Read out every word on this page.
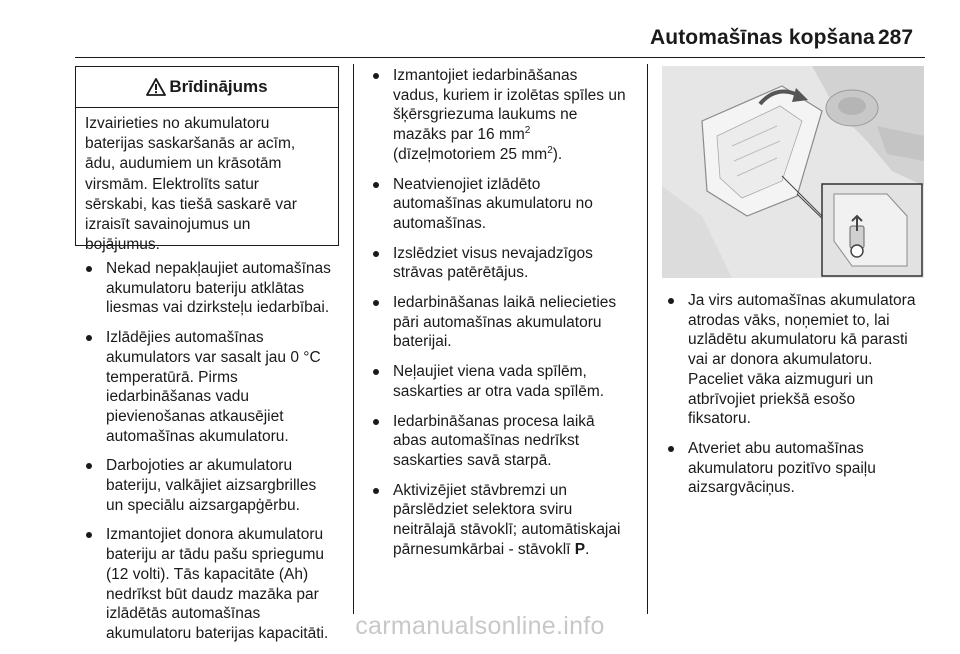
Automašīnas kopšana 287
Brīdinājums
Izvairieties no akumulatoru
baterijas saskaršanās ar acīm,
ādu, audumiem un krāsotām
virsmām. Elektrolīts satur
sērskabi, kas tiešā saskarē var
izraisīt savainojumus un
bojājumus.
Nekad nepakļaujiet automašīnas
akumulatoru bateriju atklātas
liesmas vai dzirksteļu iedarbībai.
Izlādējies automašīnas
akumulators var sasalt jau 0 °C
temperatūrā. Pirms
iedarbināšanas vadu
pievienošanas atkausējiet
automašīnas akumulatoru.
Darbojoties ar akumulatoru
bateriju, valkājiet aizsargbrilles
un speciālu aizsargapģērbu.
Izmantojiet donora akumulatoru
bateriju ar tādu pašu spriegumu
(12 volti). Tās kapacitāte (Ah)
nedrīkst būt daudz mazāka par
izlādētās automašīnas
akumulatoru baterijas kapacitāti.
Izmantojiet iedarbināšanas
vadus, kuriem ir izolētas spīles un
šķērsgriezuma laukums ne
mazāks par 16 $mm^2$
(dīzeļmotoriem 25 $mm^2$).
Neatvienojiet izlādēto
automašīnas akumulatoru no
automašīnas.
Izslēdziet visus nevajadzīgos
strāvas patērētājus.
Iedarbināšanas laikā neliecieties
pāri automašīnas akumulatoru
baterijai.
Neļaujiet viena vada spīlēm,
saskarties ar otra vada spīlēm.
Iedarbināšanas procesa laikā
abas automašīnas nedrīkst
saskarties savā starpā.
Aktivizējiet stāvbremzi un
pārslēdziet selektora sviru
neitrālajā stāvoklī; automātiskajai
pārnesumkārbai - stāvoklī P.
Ja virs automašīnas akumulatora
atrodas vāks, noņemiet to, lai
uzlādētu akumulatoru kā parasti
vai ar donora akumulatoru.
Paceliet vāka aizmuguri un
atbrīvojiet priekšā esošo
fiksatoru.
Atveriet abu automašīnas
akumulatoru pozitīvo spaiļu
aizsargvāciņus.
carmanualsonline.info
